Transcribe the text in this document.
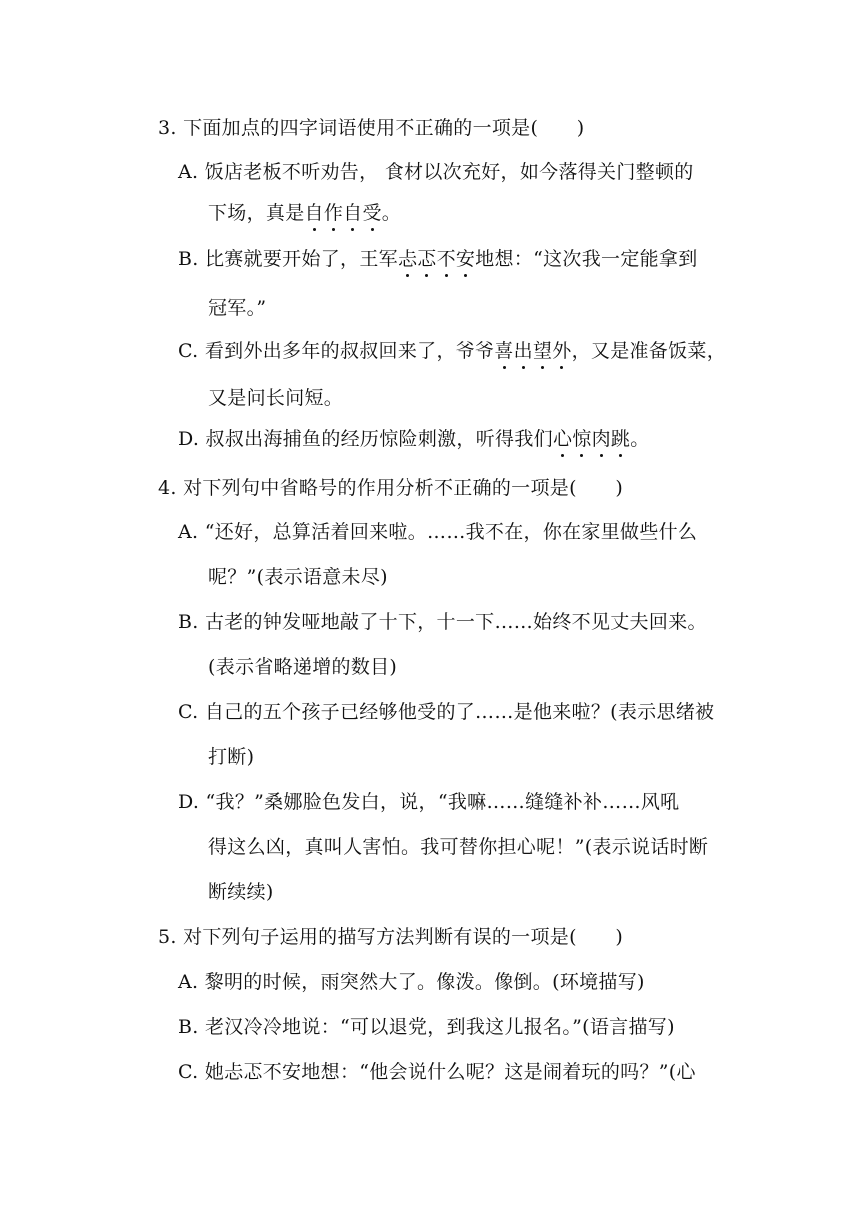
3. 下面加点的四字词语使用不正确的一项是(　　)
A. 饭店老板不听劝告， 食材以次充好，如今落得关门整顿的
下场，真是自作自受。
B. 比赛就要开始了，王军忐忑不安地想：“这次我一定能拿到
冠军。”
C. 看到外出多年的叔叔回来了，爷爷喜出望外，又是准备饭菜，
又是问长问短。
D. 叔叔出海捕鱼的经历惊险刺激，听得我们心惊肉跳。
4. 对下列句中省略号的作用分析不正确的一项是(　　)
A. “还好，总算活着回来啦。……我不在，你在家里做些什么
呢？”(表示语意未尽)
B. 古老的钟发哑地敲了十下，十一下……始终不见丈夫回来。
(表示省略递增的数目)
C. 自己的五个孩子已经够他受的了……是他来啦？(表示思绪被
打断)
D. “我？”桑娜脸色发白，说，“我嘛……缝缝补补……风吼
得这么凶，真叫人害怕。我可替你担心呢！”(表示说话时断
断续续)
5. 对下列句子运用的描写方法判断有误的一项是(　　)
A. 黎明的时候，雨突然大了。像泼。像倒。(环境描写)
B. 老汉冷冷地说：“可以退党，到我这儿报名。”(语言描写)
C. 她忐忑不安地想：“他会说什么呢？这是闹着玩的吗？”(心
